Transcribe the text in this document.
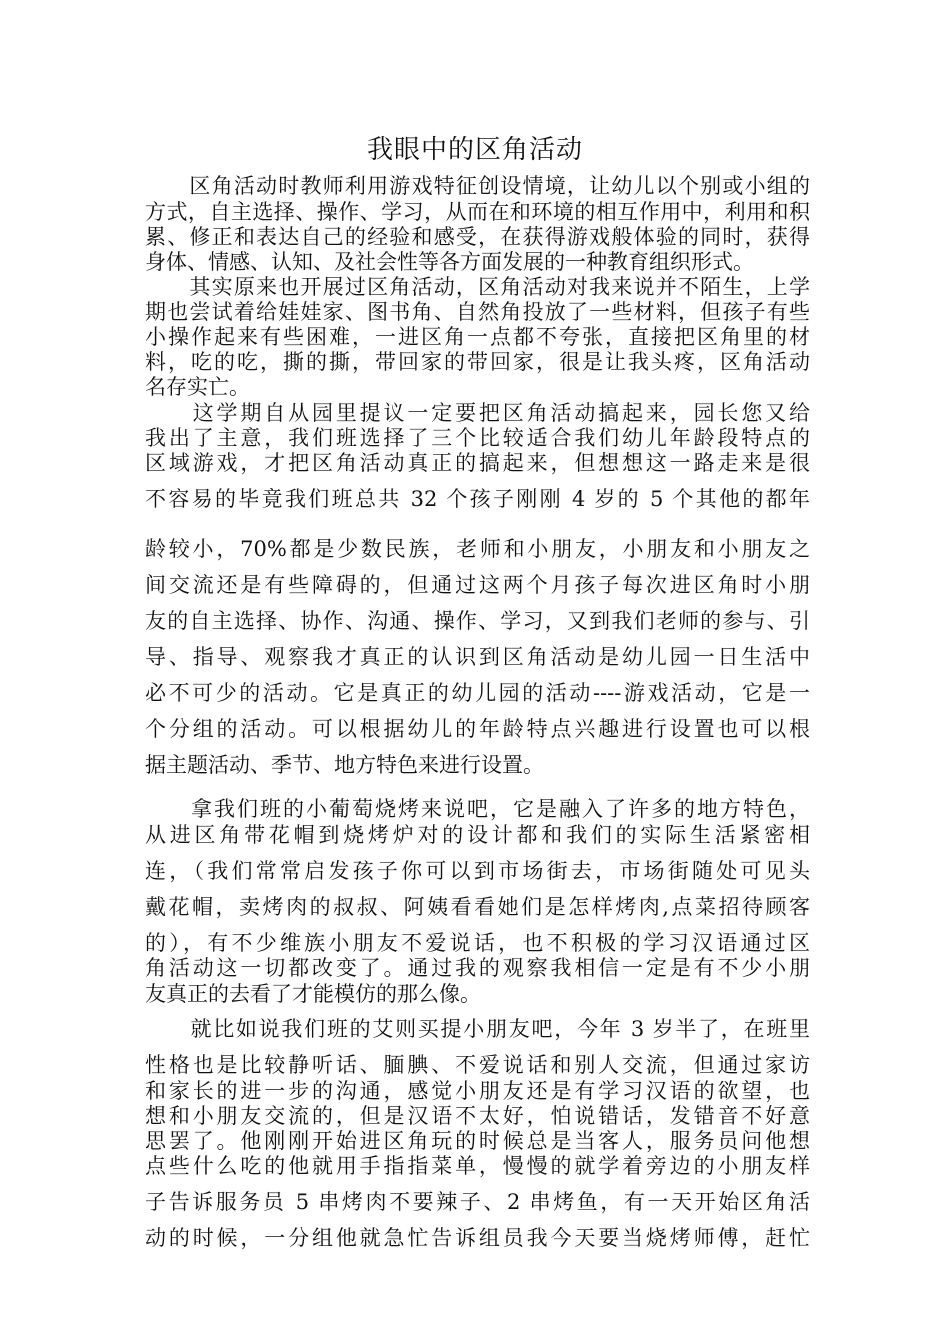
我眼中的区角活动
　　区角活动时教师利用游戏特征创设情境，让幼儿以个别或小组的
方式，自主选择、操作、学习，从而在和环境的相互作用中，利用和积
累、修正和表达自己的经验和感受，在获得游戏般体验的同时，获得
身体、情感、认知、及社会性等各方面发展的一种教育组织形式。
　　其实原来也开展过区角活动，区角活动对我来说并不陌生，上学
期也尝试着给娃娃家、图书角、自然角投放了一些材料，但孩子有些
小操作起来有些困难，一进区角一点都不夸张，直接把区角里的材
料，吃的吃，撕的撕，带回家的带回家，很是让我头疼，区角活动
名存实亡。
　　这学期自从园里提议一定要把区角活动搞起来，园长您又给
我出了主意，我们班选择了三个比较适合我们幼儿年龄段特点的
区域游戏，才把区角活动真正的搞起来，但想想这一路走来是很
不容易的毕竟我们班总共 32 个孩子刚刚 4 岁的 5 个其他的都年
龄较小，70%都是少数民族，老师和小朋友，小朋友和小朋友之
间交流还是有些障碍的，但通过这两个月孩子每次进区角时小朋
友的自主选择、协作、沟通、操作、学习，又到我们老师的参与、引
导、指导、观察我才真正的认识到区角活动是幼儿园一日生活中
必不可少的活动。它是真正的幼儿园的活动----游戏活动，它是一
个分组的活动。可以根据幼儿的年龄特点兴趣进行设置也可以根
据主题活动、季节、地方特色来进行设置。
　　拿我们班的小葡萄烧烤来说吧，它是融入了许多的地方特色，
从进区角带花帽到烧烤炉对的设计都和我们的实际生活紧密相
连，（我们常常启发孩子你可以到市场街去，市场街随处可见头
戴花帽，卖烤肉的叔叔、阿姨看看她们是怎样烤肉,点菜招待顾客
的），有不少维族小朋友不爱说话，也不积极的学习汉语通过区
角活动这一切都改变了。通过我的观察我相信一定是有不少小朋
友真正的去看了才能模仿的那么像。
　　就比如说我们班的艾则买提小朋友吧，今年 3 岁半了，在班里
性格也是比较静听话、腼腆、不爱说话和别人交流，但通过家访
和家长的进一步的沟通，感觉小朋友还是有学习汉语的欲望，也
想和小朋友交流的，但是汉语不太好，怕说错话，发错音不好意
思罢了。他刚刚开始进区角玩的时候总是当客人，服务员问他想
点些什么吃的他就用手指指菜单，慢慢的就学着旁边的小朋友样
子告诉服务员 5 串烤肉不要辣子、2 串烤鱼，有一天开始区角活
动的时候，一分组他就急忙告诉组员我今天要当烧烤师傅，赶忙
